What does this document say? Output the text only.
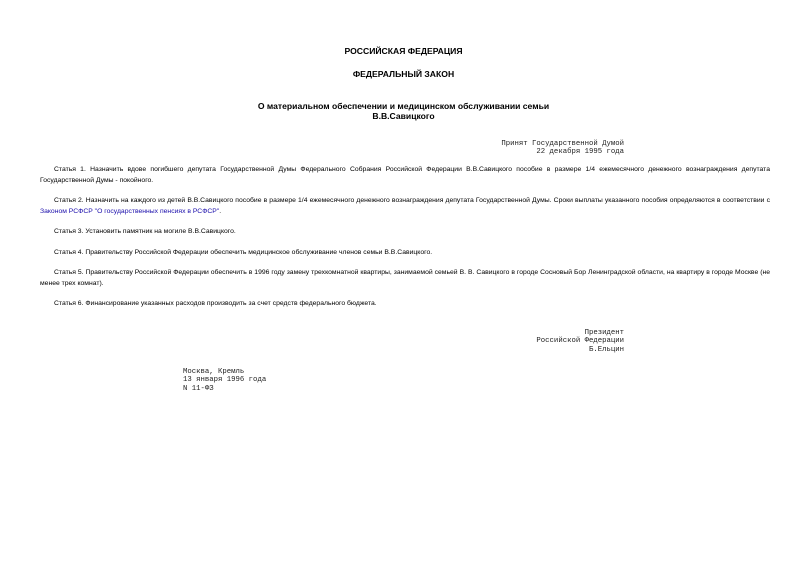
РОССИЙСКАЯ ФЕДЕРАЦИЯ
ФЕДЕРАЛЬНЫЙ ЗАКОН
О материальном обеспечении и медицинском обслуживании семьи
В.В.Савицкого
Принят Государственной Думой
22 декабря 1995 года

Статья 1. Назначить вдове погибшего депутата Государственной Думы Федерального Собрания Российской Федерации В.В.Савицкого пособие в размере 1/4 ежемесячного денежного вознаграждения депутата Государственной Думы - покойного.

Статья 2. Назначить на каждого из детей В.В.Савицкого пособие в размере 1/4 ежемесячного денежного вознаграждения депутата Государственной Думы. Сроки выплаты указанного пособия определяются в соответствии с Законом РСФСР "О государственных пенсиях в РСФСР".

Статья 3. Установить памятник на могиле В.В.Савицкого.

Статья 4. Правительству Российской Федерации обеспечить медицинское обслуживание членов семьи В.В.Савицкого.

Статья 5. Правительству Российской Федерации обеспечить в 1996 году замену трехкомнатной квартиры, занимаемой семьей В. В. Савицкого в городе Сосновый Бор Ленинградской области, на квартиру в городе Москве (не менее трех комнат).

Статья 6. Финансирование указанных расходов производить за счет средств федерального бюджета.

Президент
Российской Федерации
Б.Ельцин
Москва, Кремль
13 января 1996 года
N 11-ФЗ
